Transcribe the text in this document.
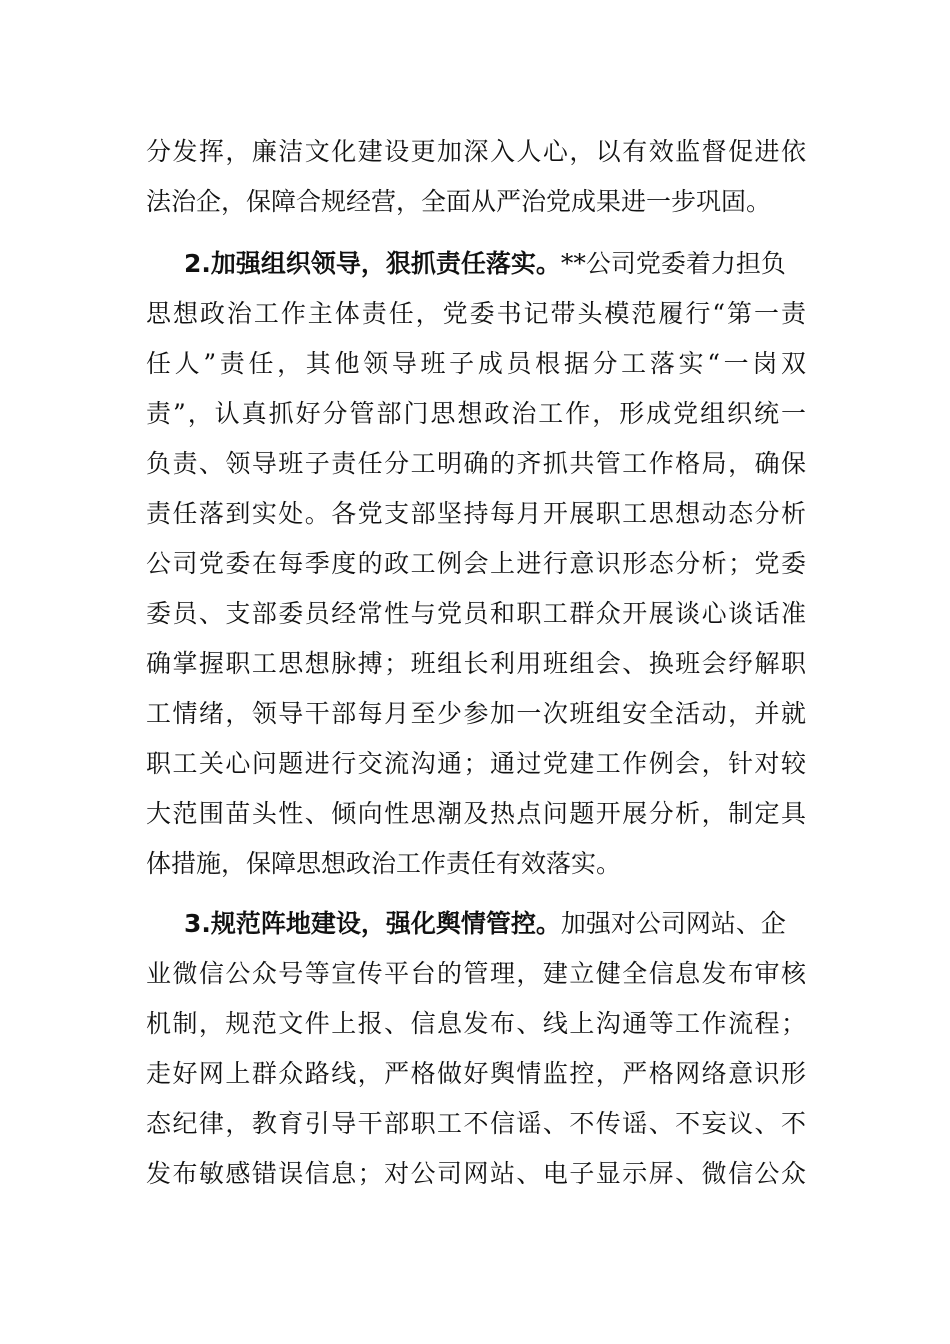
分发挥，廉洁文化建设更加深入人心，以有效监督促进依
法治企，保障合规经营，全面从严治党成果进一步巩固。
2.加强组织领导，狠抓责任落实。**公司党委着力担负
思想政治工作主体责任，党委书记带头模范履行“第一责
任人”责任，其他领导班子成员根据分工落实“一岗双
责”，认真抓好分管部门思想政治工作，形成党组织统一
负责、领导班子责任分工明确的齐抓共管工作格局，确保
责任落到实处。各党支部坚持每月开展职工思想动态分析
公司党委在每季度的政工例会上进行意识形态分析；党委
委员、支部委员经常性与党员和职工群众开展谈心谈话准
确掌握职工思想脉搏；班组长利用班组会、换班会纾解职
工情绪，领导干部每月至少参加一次班组安全活动，并就
职工关心问题进行交流沟通；通过党建工作例会，针对较
大范围苗头性、倾向性思潮及热点问题开展分析，制定具
体措施，保障思想政治工作责任有效落实。
3.规范阵地建设，强化舆情管控。加强对公司网站、企
业微信公众号等宣传平台的管理，建立健全信息发布审核
机制，规范文件上报、信息发布、线上沟通等工作流程；
走好网上群众路线，严格做好舆情监控，严格网络意识形
态纪律，教育引导干部职工不信谣、不传谣、不妄议、不
发布敏感错误信息；对公司网站、电子显示屏、微信公众
